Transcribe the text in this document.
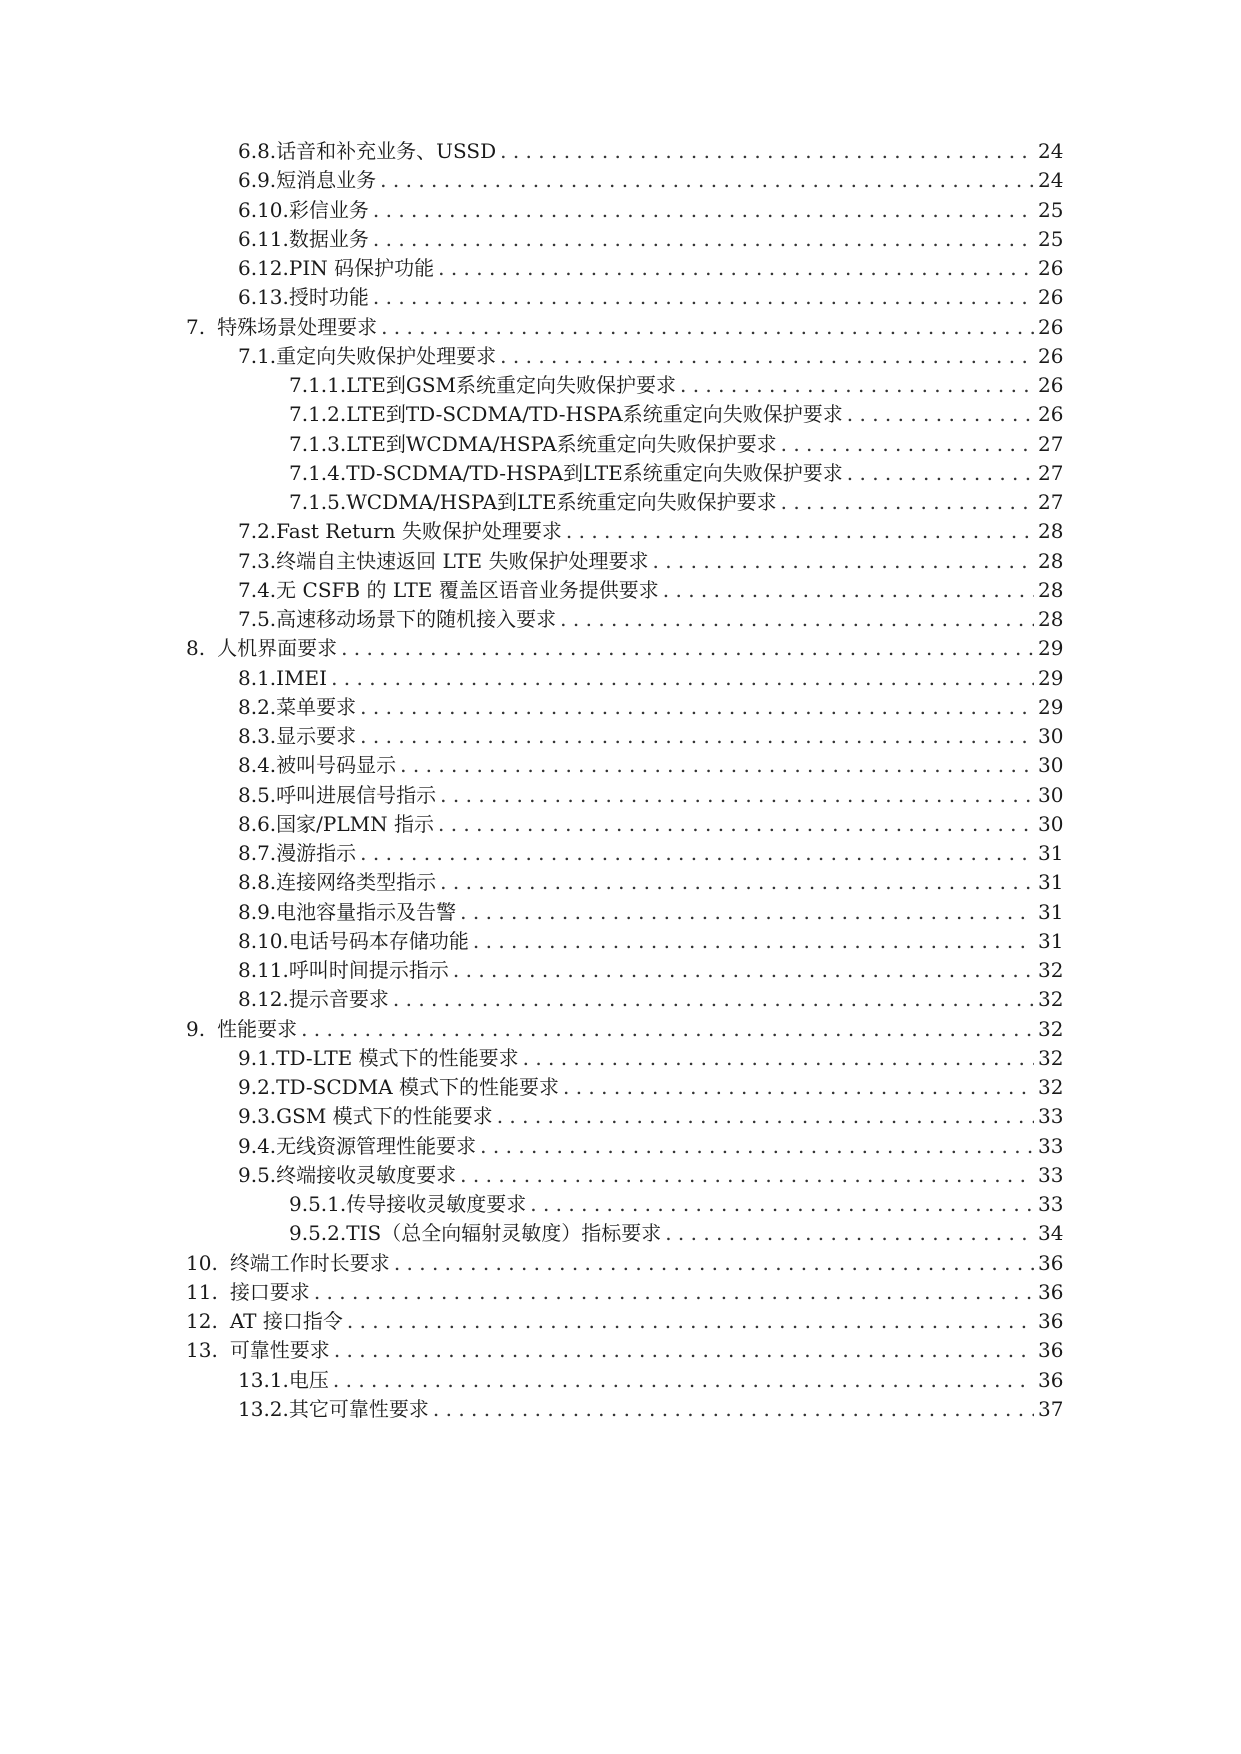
6.8. 话音和补充业务、USSD . . .	24
6.9. 短消息业务 . . .	24
6.10. 彩信业务 . . .	25
6.11. 数据业务 . . .	25
6.12. PIN 码保护功能 . . .	26
6.13. 授时功能 . . .	26
7. 特殊场景处理要求 . . .	26
7.1. 重定向失败保护处理要求 . . .	26
7.1.1. LTE到GSM系统重定向失败保护要求 . . .	26
7.1.2. LTE到TD-SCDMA/TD-HSPA系统重定向失败保护要求 . . .	26
7.1.3. LTE到WCDMA/HSPA系统重定向失败保护要求 . . .	27
7.1.4. TD-SCDMA/TD-HSPA到LTE系统重定向失败保护要求 . . .	27
7.1.5. WCDMA/HSPA到LTE系统重定向失败保护要求 . . .	27
7.2. Fast Return 失败保护处理要求 . . .	28
7.3. 终端自主快速返回 LTE 失败保护处理要求 . . .	28
7.4. 无 CSFB 的 LTE 覆盖区语音业务提供要求 . . .	28
7.5. 高速移动场景下的随机接入要求 . . .	28
8. 人机界面要求 . . .	29
8.1. IMEI . . .	29
8.2. 菜单要求 . . .	29
8.3. 显示要求 . . .	30
8.4. 被叫号码显示 . . .	30
8.5. 呼叫进展信号指示 . . .	30
8.6. 国家/PLMN 指示 . . .	30
8.7. 漫游指示 . . .	31
8.8. 连接网络类型指示 . . .	31
8.9. 电池容量指示及告警 . . .	31
8.10. 电话号码本存储功能 . . .	31
8.11. 呼叫时间提示指示 . . .	32
8.12. 提示音要求 . . .	32
9. 性能要求 . . .	32
9.1. TD-LTE 模式下的性能要求 . . .	32
9.2. TD-SCDMA 模式下的性能要求 . . .	32
9.3. GSM 模式下的性能要求 . . .	33
9.4. 无线资源管理性能要求 . . .	33
9.5. 终端接收灵敏度要求 . . .	33
9.5.1. 传导接收灵敏度要求 . . .	33
9.5.2. TIS（总全向辐射灵敏度）指标要求 . . .	34
10. 终端工作时长要求 . . .	36
11. 接口要求 . . .	36
12. AT 接口指令 . . .	36
13. 可靠性要求 . . .	36
13.1. 电压 . . .	36
13.2. 其它可靠性要求 . . .	37
